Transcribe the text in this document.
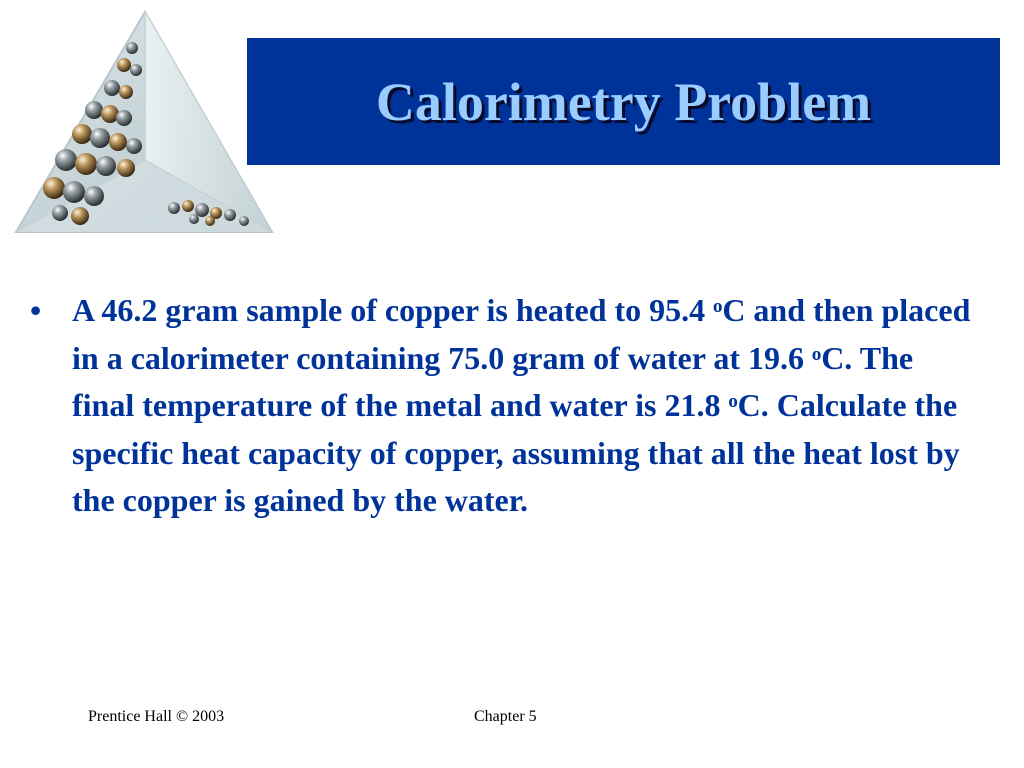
Calorimetry Problem
• A 46.2 gram sample of copper is heated to 95.4 ᵒC and then placed in a calorimeter containing 75.0 gram of water at 19.6 ᵒC. The final temperature of the metal and water is 21.8 ᵒC. Calculate the specific heat capacity of copper, assuming that all the heat lost by the copper is gained by the water.
Prentice Hall © 2003	Chapter 5
